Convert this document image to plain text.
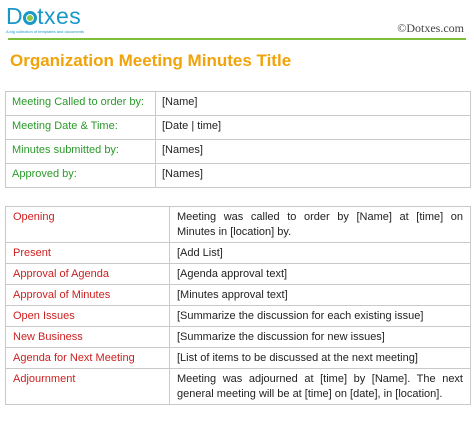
D txes
A big collection of templates and documents	©Dotxes.com
Organization Meeting Minutes Title
Meeting Called to order by:	[Name]
Meeting Date & Time:	[Date | time]
Minutes submitted by:	[Names]
Approved by:	[Names]
Opening	Meeting was called to order by [Name] at [time] on Minutes in [location] by.
Present	[Add List]
Approval of Agenda	[Agenda approval text]
Approval of Minutes	[Minutes approval text]
Open Issues	[Summarize the discussion for each existing issue]
New Business	[Summarize the discussion for new issues]
Agenda for Next Meeting	[List of items to be discussed at the next meeting]
Adjournment	Meeting was adjourned at [time] by [Name]. The next general meeting will be at [time] on [date], in [location].
